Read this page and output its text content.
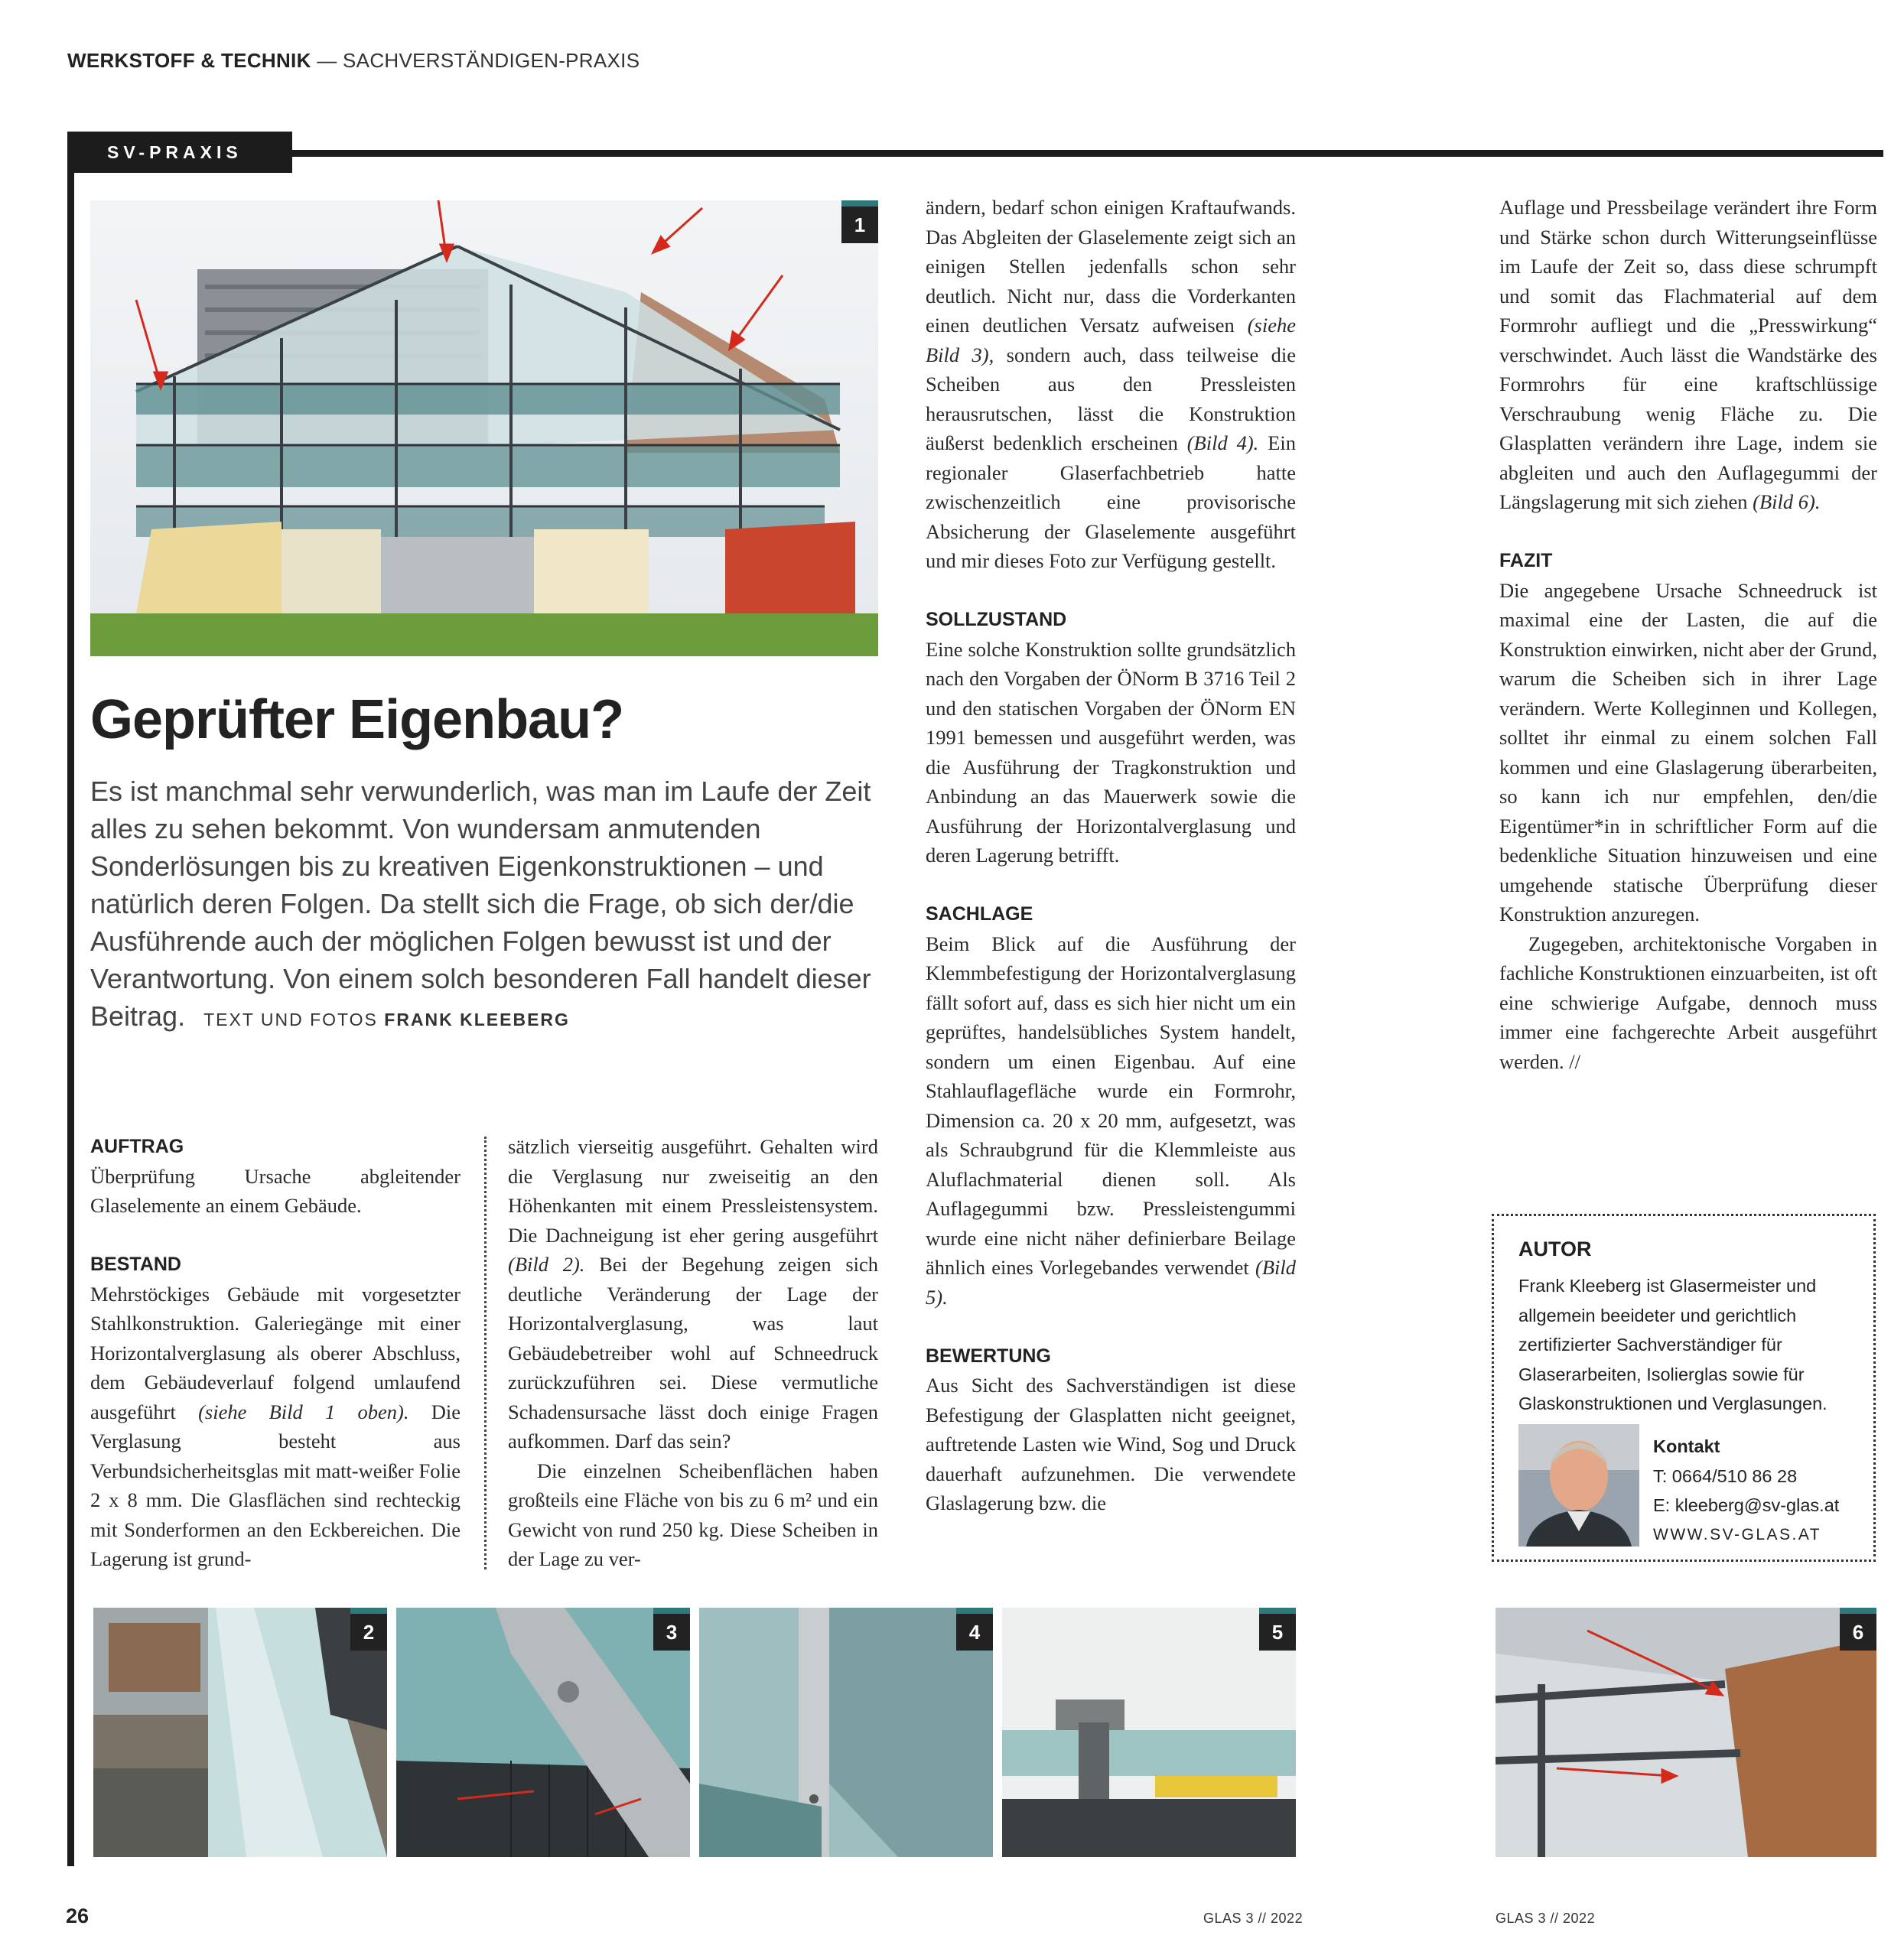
WERKSTOFF & TECHNIK — SACHVERSTÄNDIGEN-PRAXIS
SV-PRAXIS
1
Geprüfter Eigenbau?
Es ist manchmal sehr verwunderlich, was man im Laufe der Zeit alles zu sehen bekommt. Von wundersam anmutenden Sonderlösungen bis zu kreativen Eigenkonstruktionen – und natürlich deren Folgen. Da stellt sich die Frage, ob sich der/die Ausführende auch der möglichen Folgen bewusst ist und der Verantwortung. Von einem solch besonderen Fall handelt dieser Beitrag. TEXT UND FOTOS FRANK KLEEBERG
AUFTRAG

Überprüfung Ursache abgleitender Glaselemente an einem Gebäude.

BESTAND

Mehrstöckiges Gebäude mit vorgesetzter Stahlkonstruktion. Galeriegänge mit einer Horizontalverglasung als oberer Abschluss, dem Gebäudeverlauf folgend umlaufend ausgeführt (siehe Bild 1 oben). Die Verglasung besteht aus Verbundsicherheitsglas mit matt-weißer Folie 2 x 8 mm. Die Glasflächen sind rechteckig mit Sonderformen an den Eckbereichen. Die Lagerung ist grund-

sätzlich vierseitig ausgeführt. Gehalten wird die Verglasung nur zweiseitig an den Höhenkanten mit einem Pressleistensystem. Die Dachneigung ist eher gering ausgeführt (Bild 2). Bei der Begehung zeigen sich deutliche Veränderung der Lage der Horizontalverglasung, was laut Gebäudebetreiber wohl auf Schneedruck zurückzuführen sei. Diese vermutliche Schadensursache lässt doch einige Fragen aufkommen. Darf das sein?

Die einzelnen Scheibenflächen haben großteils eine Fläche von bis zu 6 m² und ein Gewicht von rund 250 kg. Diese Scheiben in der Lage zu ver-

ändern, bedarf schon einigen Kraftaufwands. Das Abgleiten der Glaselemente zeigt sich an einigen Stellen jedenfalls schon sehr deutlich. Nicht nur, dass die Vorderkanten einen deutlichen Versatz aufweisen (siehe Bild 3), sondern auch, dass teilweise die Scheiben aus den Pressleisten herausrutschen, lässt die Konstruktion äußerst bedenklich erscheinen (Bild 4). Ein regionaler Glaserfachbetrieb hatte zwischenzeitlich eine provisorische Absicherung der Glaselemente ausgeführt und mir dieses Foto zur Verfügung gestellt.

SOLLZUSTAND

Eine solche Konstruktion sollte grundsätzlich nach den Vorgaben der ÖNorm B 3716 Teil 2 und den statischen Vorgaben der ÖNorm EN 1991 bemessen und ausgeführt werden, was die Ausführung der Tragkonstruktion und Anbindung an das Mauerwerk sowie die Ausführung der Horizontalverglasung und deren Lagerung betrifft.

SACHLAGE

Beim Blick auf die Ausführung der Klemmbefestigung der Horizontalverglasung fällt sofort auf, dass es sich hier nicht um ein geprüftes, handelsübliches System handelt, sondern um einen Eigenbau. Auf eine Stahlauflagefläche wurde ein Formrohr, Dimension ca. 20 x 20 mm, aufgesetzt, was als Schraubgrund für die Klemmleiste aus Aluflachmaterial dienen soll. Als Auflagegummi bzw. Pressleistengummi wurde eine nicht näher definierbare Beilage ähnlich eines Vorlegebandes verwendet (Bild 5).

BEWERTUNG

Aus Sicht des Sachverständigen ist diese Befestigung der Glasplatten nicht geeignet, auftretende Lasten wie Wind, Sog und Druck dauerhaft aufzunehmen. Die verwendete Glaslagerung bzw. die

Auflage und Pressbeilage verändert ihre Form und Stärke schon durch Witterungseinflüsse im Laufe der Zeit so, dass diese schrumpft und somit das Flachmaterial auf dem Formrohr aufliegt und die „Presswirkung“ verschwindet. Auch lässt die Wandstärke des Formrohrs für eine kraftschlüssige Verschraubung wenig Fläche zu. Die Glasplatten verändern ihre Lage, indem sie abgleiten und auch den Auflagegummi der Längslagerung mit sich ziehen (Bild 6).

FAZIT

Die angegebene Ursache Schneedruck ist maximal eine der Lasten, die auf die Konstruktion einwirken, nicht aber der Grund, warum die Scheiben sich in ihrer Lage verändern. Werte Kolleginnen und Kollegen, solltet ihr einmal zu einem solchen Fall kommen und eine Glaslagerung überarbeiten, so kann ich nur empfehlen, den/die Eigentümer*in in schriftlicher Form auf die bedenkliche Situation hinzuweisen und eine umgehende statische Überprüfung dieser Konstruktion anzuregen.

Zugegeben, architektonische Vorgaben in fachliche Konstruktionen einzuarbeiten, ist oft eine schwierige Aufgabe, dennoch muss immer eine fachgerechte Arbeit ausgeführt werden. //

AUTOR
Frank Kleeberg ist Glasermeister und allgemein beeideter und gerichtlich zertifizierter Sachverständiger für Glaserarbeiten, Isolierglas sowie für Glaskonstruktionen und Verglasungen.
Kontakt
T: 0664/510 86 28
E: kleeberg@sv-glas.at
WWW.SV-GLAS.AT
2	3	4	5	6
26	GLAS 3 // 2022	GLAS 3 // 2022
